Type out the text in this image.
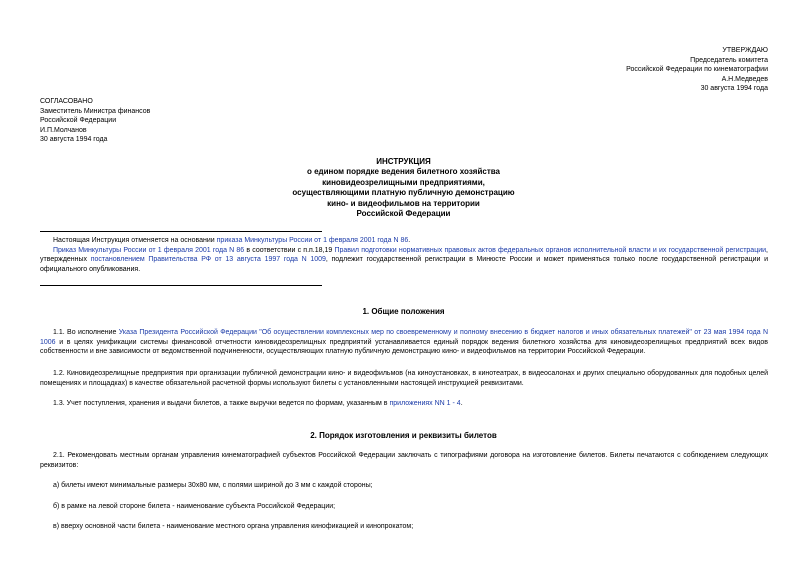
УТВЕРЖДАЮ
Председатель комитета
Российской Федерации по кинематографии
А.Н.Медведев
30 августа 1994 года
СОГЛАСОВАНО
Заместитель Министра финансов
Российской Федерации
И.П.Молчанов
30 августа 1994 года
ИНСТРУКЦИЯ
о едином порядке ведения билетного хозяйства
киновидеозрелищными предприятиями,
осуществляющими платную публичную демонстрацию
кино- и видеофильмов на территории
Российской Федерации

Настоящая Инструкция отменяется на основании приказа Минкультуры России от 1 февраля 2001 года N 86.

Приказ Минкультуры России от 1 февраля 2001 года N 86 в соответствии с п.п.18,19 Правил подготовки нормативных правовых актов федеральных органов исполнительной власти и их государственной регистрации, утвержденных постановлением Правительства РФ от 13 августа 1997 года N 1009, подлежит государственной регистрации в Минюсте России и может применяться только после государственной регистрации и официального опубликования.

1. Общие положения

1.1. Во исполнение Указа Президента Российской Федерации "Об осуществлении комплексных мер по своевременному и полному внесению в бюджет налогов и иных обязательных платежей" от 23 мая 1994 года N 1006 и в целях унификации системы финансовой отчетности киновидеозрелищных предприятий устанавливается единый порядок ведения билетного хозяйства для киновидеозрелищных предприятий всех видов собственности и вне зависимости от ведомственной подчиненности, осуществляющих платную публичную демонстрацию кино- и видеофильмов на территории Российской Федерации.

1.2. Киновидеозрелищные предприятия при организации публичной демонстрации кино- и видеофильмов (на киноустановках, в кинотеатрах, в видеосалонах и других специально оборудованных для подобных целей помещениях и площадках) в качестве обязательной расчетной формы используют билеты с установленными настоящей инструкцией реквизитами.

1.3. Учет поступления, хранения и выдачи билетов, а также выручки ведется по формам, указанным в приложениях NN 1 - 4.

2. Порядок изготовления и реквизиты билетов

2.1. Рекомендовать местным органам управления кинематографией субъектов Российской Федерации заключать с типографиями договора на изготовление билетов. Билеты печатаются с соблюдением следующих реквизитов:

а) билеты имеют минимальные размеры 30x80 мм, с полями шириной до 3 мм с каждой стороны;

б) в рамке на левой стороне билета - наименование субъекта Российской Федерации;

в) вверху основной части билета - наименование местного органа управления кинофикацией и кинопрокатом;
